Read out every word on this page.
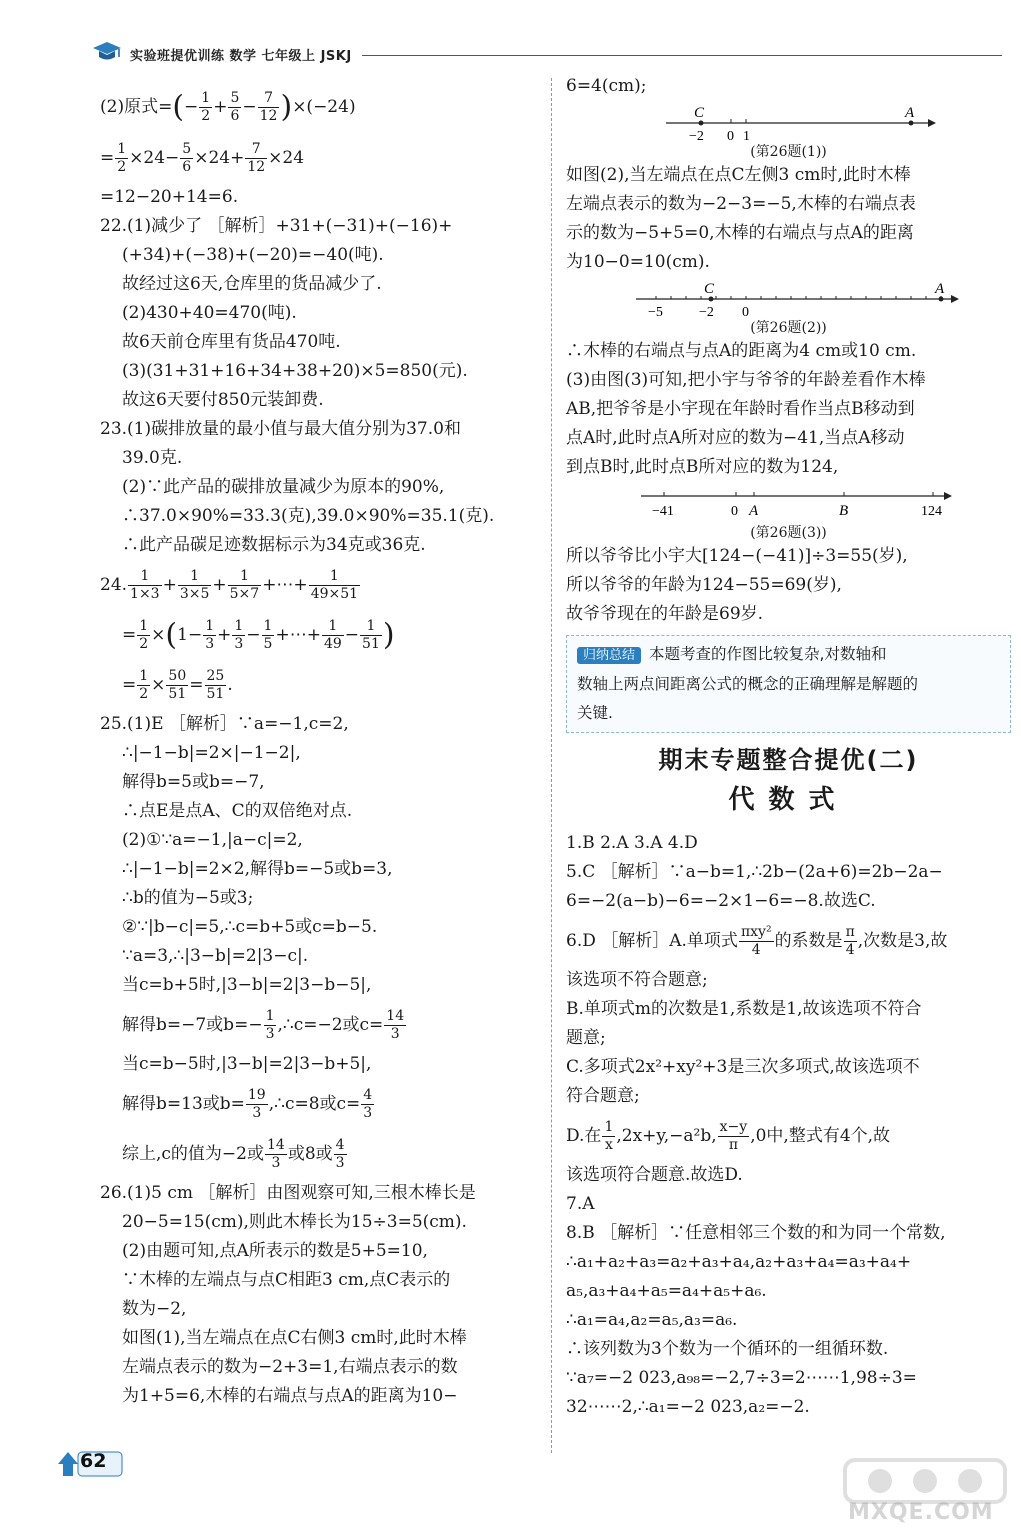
实验班提优训练 数学 七年级上 JSKJ

(2)原式=(− $\frac{1}{2} + \frac{5}{6} - \frac{7}{12} )\times(-24)$

= $\frac{1}{2} \times 24- \frac{5}{6} \times 24+ \frac{7}{12} \times 24$

=12−20+14=6.

22.(1)减少了 ［解析］+31+(−31)+(−16)+

(+34)+(−38)+(−20)=−40(吨).

故经过这6天,仓库里的货品减少了.

(2)430+40=470(吨).

故6天前仓库里有货品470吨.

(3)(31+31+16+34+38+20)×5=850(元).

故这6天要付850元装卸费.

23.(1)碳排放量的最小值与最大值分别为37.0和

39.0克.

(2)∵此产品的碳排放量减少为原本的90%,

∴37.0×90%=33.3(克),39.0×90%=35.1(克).

∴此产品碳足迹数据标示为34克或36克.

24. $\frac{1}{1\times 3} + \frac{1}{3\times 5} + \frac{1}{5\times 7}$ +⋯+ $\frac{1}{49\times 51}$

= $\frac{1}{2} \times(1- \frac{1}{3} + \frac{1}{3} - \frac{1}{5}$ +⋯+ $\frac{1}{49} - \frac{1}{51}$ )

= $\frac{1}{2} \times \frac{50}{51} = \frac{25}{51}$ .

25.(1)E ［解析］∵a=−1,c=2,

∴|−1−b|=2×|−1−2|,

解得b=5或b=−7,

∴点E是点A、C的双倍绝对点.

(2)①∵a=−1,|a−c|=2,

∴|−1−b|=2×2,解得b=−5或b=3,

∴b的值为−5或3;

②∵|b−c|=5,∴c=b+5或c=b−5.

∵a=3,∴|3−b|=2|3−c|.

当c=b+5时,|3−b|=2|3−b−5|,

解得b=−7或$b=- \frac{1}{3}$ ,∴c=−2或$c= \frac{14}{3}$

当c=b−5时,|3−b|=2|3−b+5|,

解得b=13或$b= \frac{19}{3}$ ,∴c=8或$c= \frac{4}{3}$

综上,c的值为−2或 $\frac{14}{3}$ 或8或 $\frac{4}{3}$

26.(1)5 cm ［解析］由图观察可知,三根木棒长是

20−5=15(cm),则此木棒长为15÷3=5(cm).

(2)由题可知,点A所表示的数是5+5=10,

∵木棒的左端点与点C相距3 cm,点C表示的

数为−2,

如图(1),当左端点在点C右侧3 cm时,此时木棒

左端点表示的数为−2+3=1,右端点表示的数

为1+5=6,木棒的右端点与点A的距离为10−

6=4(cm);

C	A
−2 0 1

(第26题(1))

如图(2),当左端点在点C左侧3 cm时,此时木棒

左端点表示的数为−2−3=−5,木棒的右端点表

示的数为−5+5=0,木棒的右端点与点A的距离

为10−0=10(cm).

C	A
−5	−2 0

(第26题(2))

∴木棒的右端点与点A的距离为4 cm或10 cm.

(3)由图(3)可知,把小宇与爷爷的年龄差看作木棒

AB,把爷爷是小宇现在年龄时看作当点B移动到

点A时,此时点A所对应的数为−41,当点A移动

到点B时,此时点B所对应的数为124,

−41	0 A	B	124

(第26题(3))

所以爷爷比小宇大[124−(−41)]÷3=55(岁),

所以爷爷的年龄为124−55=69(岁),

故爷爷现在的年龄是69岁.

归纳总结 本题考查的作图比较复杂,对数轴和
数轴上两点间距离公式的概念的正确理解是解题的
关键.
期末专题整合提优(二)
代数式

1.B 2.A 3.A 4.D

5.C ［解析］∵a−b=1,∴2b−(2a+6)=2b−2a−

6=−2(a−b)−6=−2×1−6=−8.故选C.

6.D ［解析］A.单项式 $\frac{\text{πxy²}}{4}$ 的系数是 $\frac{\pi}{4}$ ,次数是3,故

该选项不符合题意;

B.单项式m的次数是1,系数是1,故该选项不符合

题意;

C.多项式2x²+xy²+3是三次多项式,故该选项不

符合题意;

D.在 $\frac{1}{x} ,2x+y,-a^2b$, $\frac{x-y}{\pi} ,0$中,整式有4个,故

该选项符合题意.故选D.

7.A

8.B ［解析］∵任意相邻三个数的和为同一个常数,

∴a₁+a₂+a₃=a₂+a₃+a₄,a₂+a₃+a₄=a₃+a₄+

a₅,a₃+a₄+a₅=a₄+a₅+a₆.

∴a₁=a₄,a₂=a₅,a₃=a₆.

∴该列数为3个数为一个循环的一组循环数.

∵a₇=−2 023,a₉₈=−2,7÷3=2⋯⋯1,98÷3=

32⋯⋯2,∴a₁=−2 023,a₂=−2.

62
MXQE.COM
